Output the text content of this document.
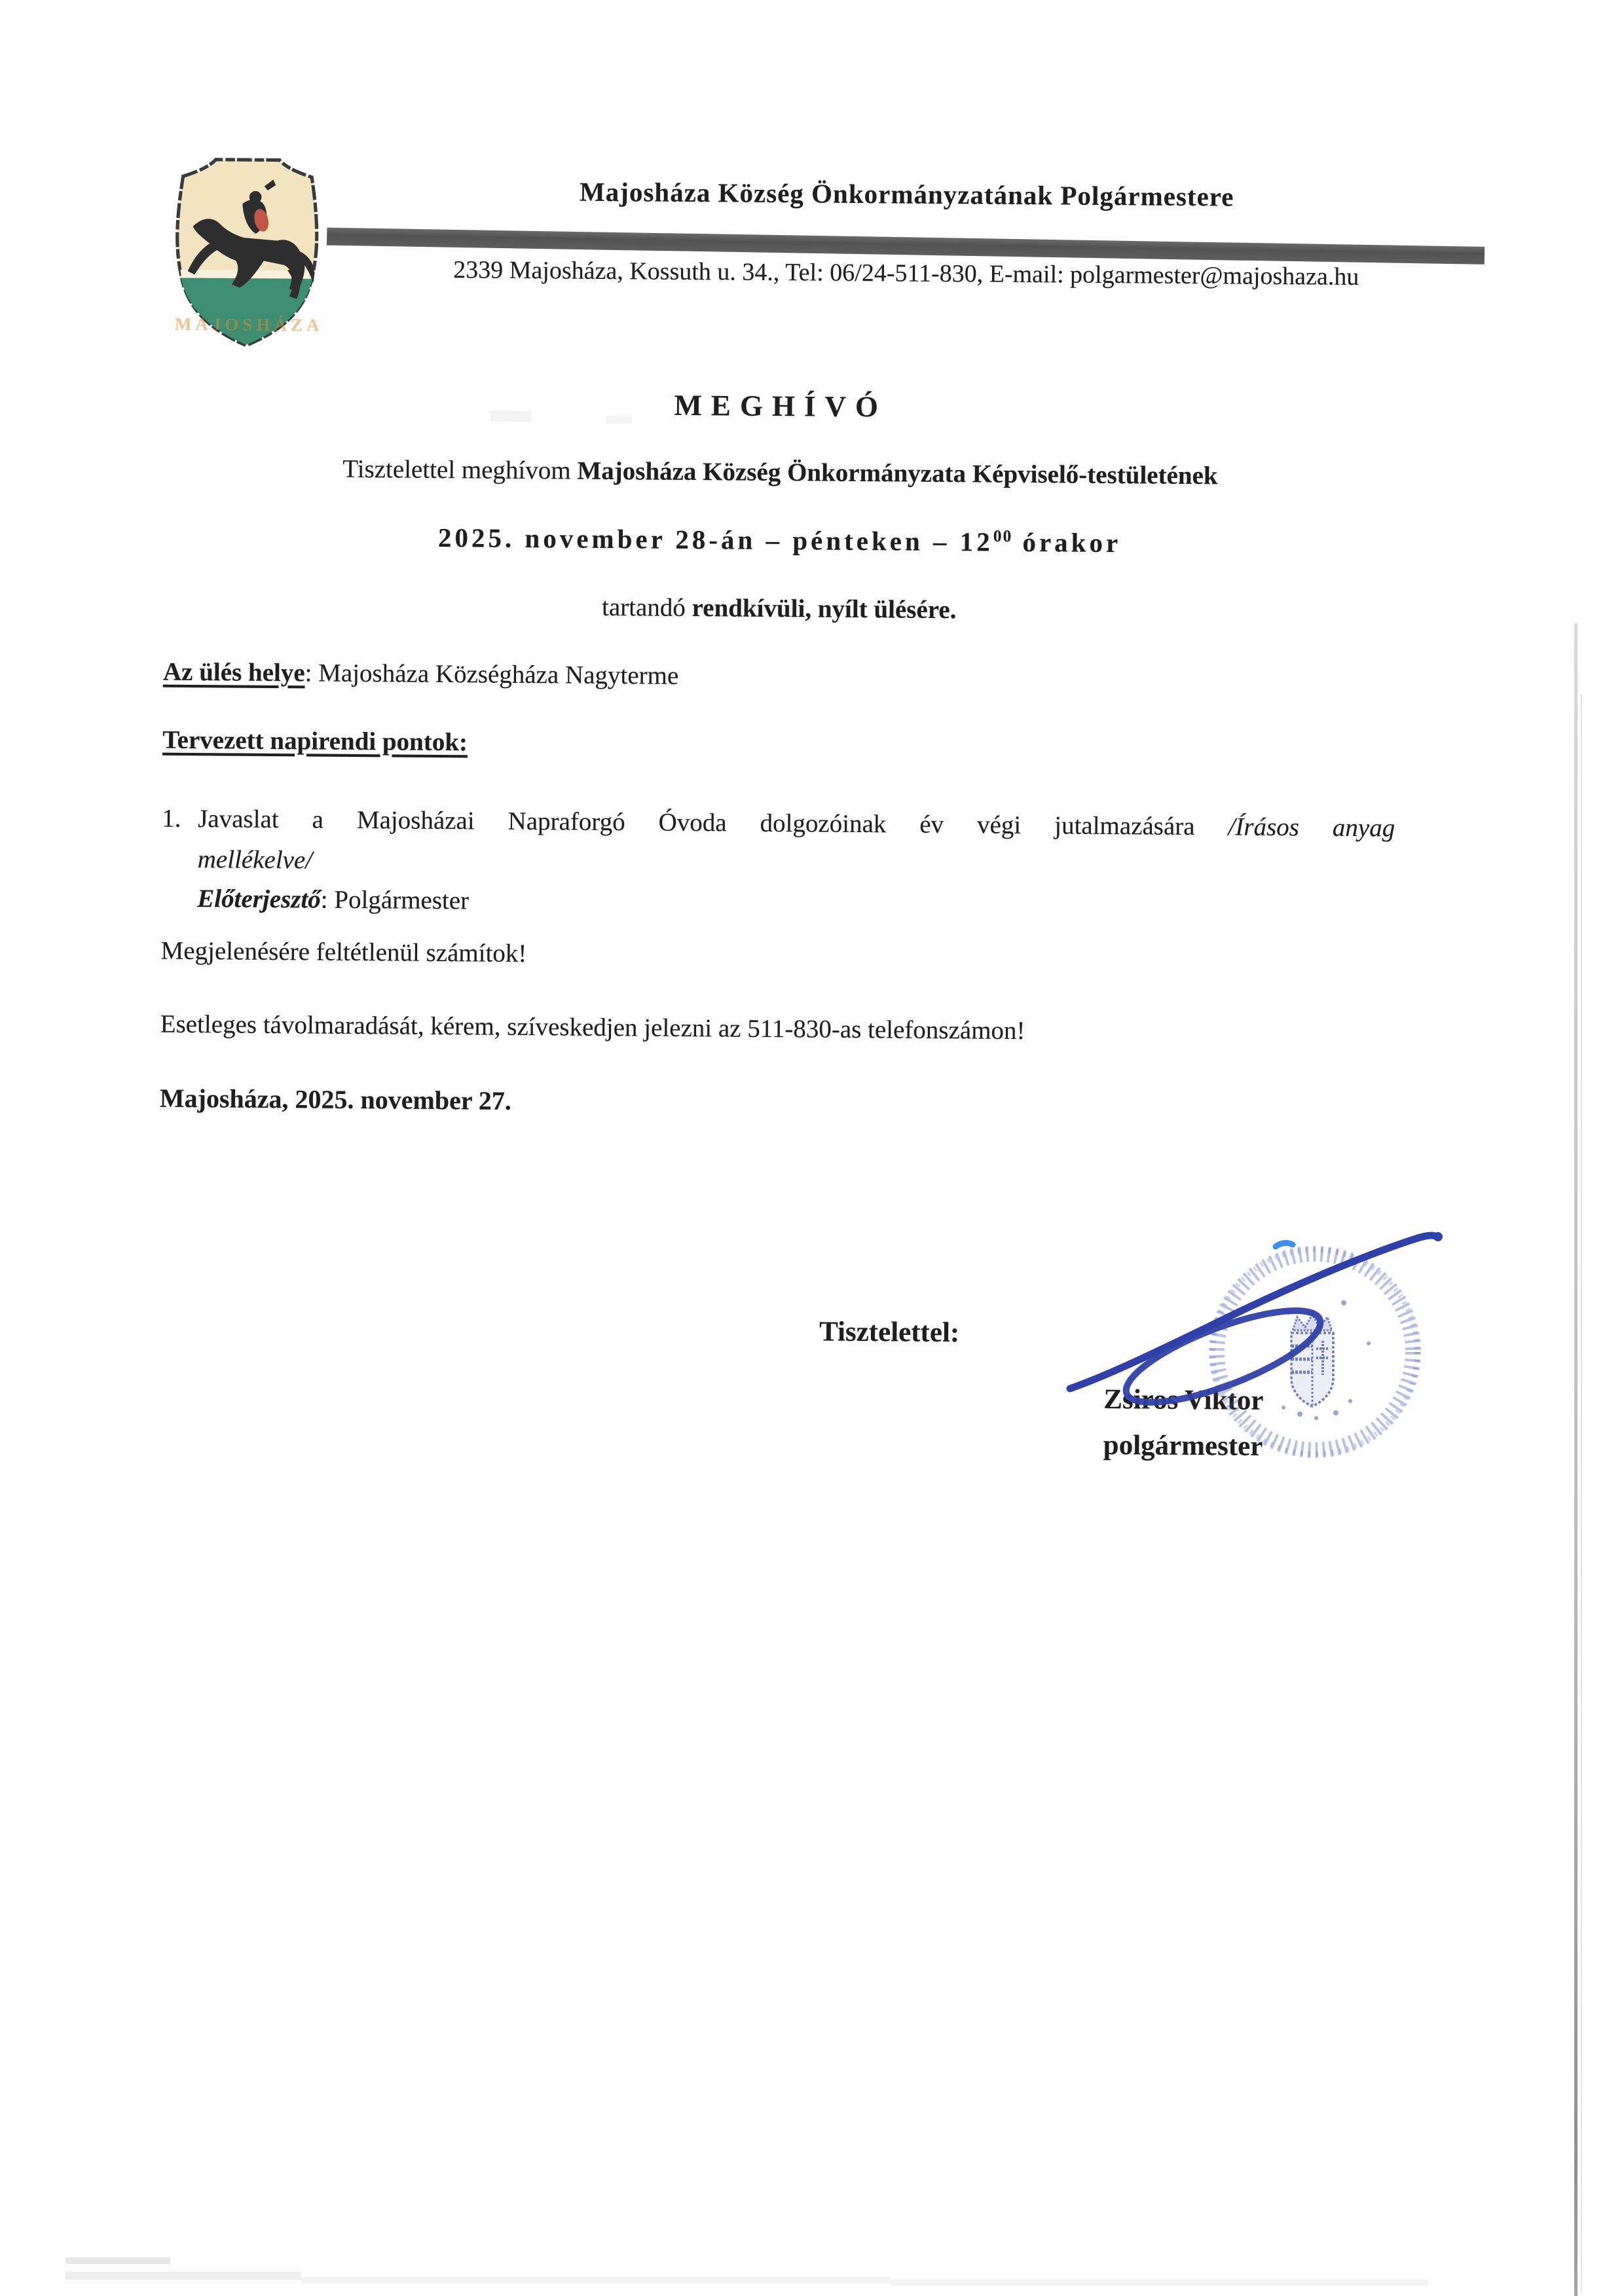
MAJOSHÁZA
Majosháza Község Önkormányzatának Polgármestere
2339 Majosháza, Kossuth u. 34., Tel: 06/24-511-830, E-mail: polgarmester@majoshaza.hu
MEGHÍVÓ
Tisztelettel meghívom Majosháza Község Önkormányzata Képviselő-testületének
2025. november 28-án – pénteken – $12^{00}$ órakor
tartandó rendkívüli, nyílt ülésére.
Az ülés helye: Majosháza Községháza Nagyterme
Tervezett napirendi pontok:
1. Javaslat a Majosházai Napraforgó Óvoda dolgozóinak év végi jutalmazására /Írásos anyag
mellékelve/
Előterjesztő: Polgármester
Megjelenésére feltétlenül számítok!
Esetleges távolmaradását, kérem, szíveskedjen jelezni az 511-830-as telefonszámon!
Majosháza, 2025. november 27.
Tisztelettel:
Zsiros Viktor
polgármester
